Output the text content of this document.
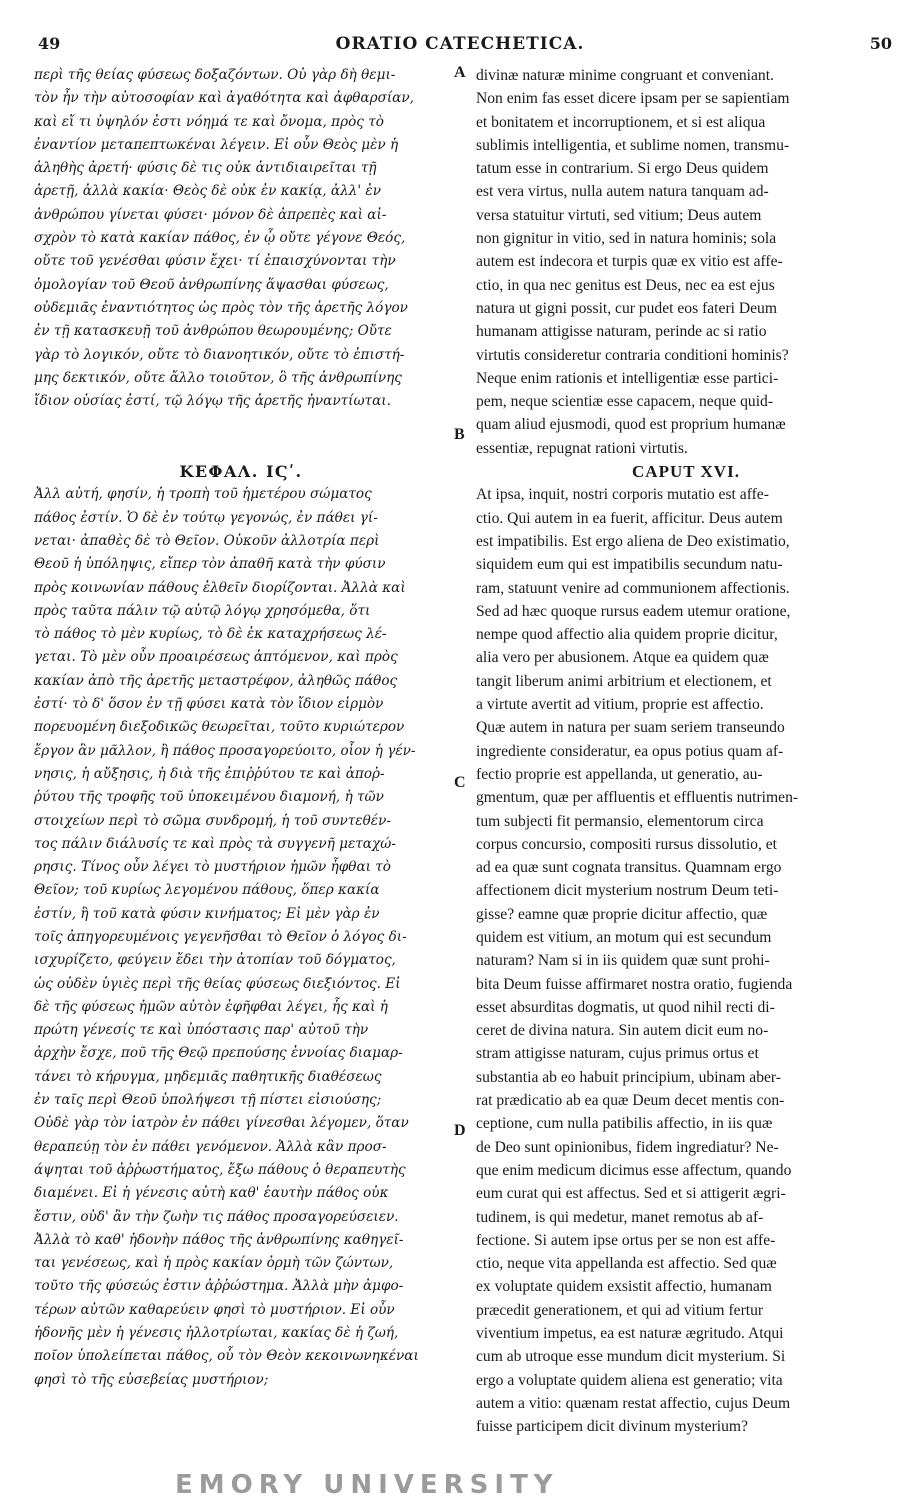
49	ORATIO CATECHETICA.	50
περὶ τῆς θείας φύσεως δοξαζόντων. Οὐ γὰρ δὴ θεμι-
τὸν ἦν τὴν αὐτοσοφίαν καὶ ἀγαθότητα καὶ ἀφθαρσίαν,
καὶ εἴ τι ὑψηλόν ἐστι νόημά τε καὶ ὄνομα, πρὸς τὸ
ἐναντίον μεταπεπτωκέναι λέγειν. Εἰ οὖν Θεὸς μὲν ἡ
ἀληθὴς ἀρετή· φύσις δὲ τις οὐκ ἀντιδιαιρεῖται τῇ
ἀρετῇ, ἀλλὰ κακία· Θεὸς δὲ οὐκ ἐν κακίᾳ, ἀλλ' ἐν
ἀνθρώπου γίνεται φύσει· μόνον δὲ ἀπρεπὲς καὶ αἰ-
σχρὸν τὸ κατὰ κακίαν πάθος, ἐν ᾧ οὔτε γέγονε Θεός,
οὔτε τοῦ γενέσθαι φύσιν ἔχει· τί ἐπαισχύνονται τὴν
ὁμολογίαν τοῦ Θεοῦ ἀνθρωπίνης ἅψασθαι φύσεως,
οὐδεμιᾶς ἐναντιότητος ὡς πρὸς τὸν τῆς ἀρετῆς λόγον
ἐν τῇ κατασκευῇ τοῦ ἀνθρώπου θεωρουμένης; Οὔτε
γὰρ τὸ λογικόν, οὔτε τὸ διανοητικόν, οὔτε τὸ ἐπιστή-
μης δεκτικόν, οὔτε ἄλλο τοιοῦτον, ὃ τῆς ἀνθρωπίνης
ἴδιον οὐσίας ἐστί, τῷ λόγῳ τῆς ἀρετῆς ἠναντίωται.
ΚΕΦΑΛ. ΙϚʹ.
Ἀλλ αὐτή, φησίν, ἡ τροπὴ τοῦ ἡμετέρου σώματος
πάθος ἐστίν. Ὁ δὲ ἐν τούτῳ γεγονώς, ἐν πάθει γί-
νεται· ἀπαθὲς δὲ τὸ Θεῖον. Οὐκοῦν ἀλλοτρία περὶ
Θεοῦ ἡ ὑπόληψις, εἴπερ τὸν ἀπαθῆ κατὰ τὴν φύσιν
πρὸς κοινωνίαν πάθους ἐλθεῖν διορίζονται. Ἀλλὰ καὶ
πρὸς ταῦτα πάλιν τῷ αὐτῷ λόγῳ χρησόμεθα, ὅτι
τὸ πάθος τὸ μὲν κυρίως, τὸ δὲ ἐκ καταχρήσεως λέ-
γεται. Τὸ μὲν οὖν προαιρέσεως ἁπτόμενον, καὶ πρὸς
κακίαν ἀπὸ τῆς ἀρετῆς μεταστρέφον, ἀληθῶς πάθος
ἐστί· τὸ δ' ὅσον ἐν τῇ φύσει κατὰ τὸν ἴδιον εἱρμὸν
πορευομένη διεξοδικῶς θεωρεῖται, τοῦτο κυριώτερον
ἔργον ἂν μᾶλλον, ἢ πάθος προσαγορεύοιτο, οἷον ἡ γέν-
νησις, ἡ αὔξησις, ἡ διὰ τῆς ἐπιῤῥύτου τε καὶ ἀποῤ-
ῥύτου τῆς τροφῆς τοῦ ὑποκειμένου διαμονή, ἡ τῶν
στοιχείων περὶ τὸ σῶμα συνδρομή, ἡ τοῦ συντεθέν-
τος πάλιν διάλυσίς τε καὶ πρὸς τὰ συγγενῆ μεταχώ-
ρησις. Τίνος οὖν λέγει τὸ μυστήριον ἡμῶν ἧφθαι τὸ
Θεῖον; τοῦ κυρίως λεγομένου πάθους, ὅπερ κακία
ἐστίν, ἢ τοῦ κατὰ φύσιν κινήματος; Εἰ μὲν γὰρ ἐν
τοῖς ἀπηγορευμένοις γεγενῆσθαι τὸ Θεῖον ὁ λόγος δι-
ισχυρίζετο, φεύγειν ἔδει τὴν ἀτοπίαν τοῦ δόγματος,
ὡς οὐδὲν ὑγιὲς περὶ τῆς θείας φύσεως διεξιόντος. Εἰ
δὲ τῆς φύσεως ἡμῶν αὐτὸν ἐφῆφθαι λέγει, ἧς καὶ ἡ
πρώτη γένεσίς τε καὶ ὑπόστασις παρ' αὐτοῦ τὴν
ἀρχὴν ἔσχε, ποῦ τῆς Θεῷ πρεπούσης ἐννοίας διαμαρ-
τάνει τὸ κήρυγμα, μηδεμιᾶς παθητικῆς διαθέσεως
ἐν ταῖς περὶ Θεοῦ ὑπολήψεσι τῇ πίστει εἰσιούσης;
Οὐδὲ γὰρ τὸν ἰατρὸν ἐν πάθει γίνεσθαι λέγομεν, ὅταν
θεραπεύῃ τὸν ἐν πάθει γενόμενον. Ἀλλὰ κἂν προσ-
άψηται τοῦ ἀῤῥωστήματος, ἔξω πάθους ὁ θεραπευτὴς
διαμένει. Εἰ ἡ γένεσις αὐτὴ καθ' ἑαυτὴν πάθος οὐκ
ἔστιν, οὐδ' ἂν τὴν ζωὴν τις πάθος προσαγορεύσειεν.
Ἀλλὰ τὸ καθ' ἡδονὴν πάθος τῆς ἀνθρωπίνης καθηγεῖ-
ται γενέσεως, καὶ ἡ πρὸς κακίαν ὁρμὴ τῶν ζώντων,
τοῦτο τῆς φύσεώς ἐστιν ἀῤῥώστημα. Ἀλλὰ μὴν ἀμφο-
τέρων αὐτῶν καθαρεύειν φησὶ τὸ μυστήριον. Εἰ οὖν
ἡδονῆς μὲν ἡ γένεσις ἠλλοτρίωται, κακίας δὲ ἡ ζωή,
ποῖον ὑπολείπεται πάθος, οὗ τὸν Θεὸν κεκοινωνηκέναι
φησὶ τὸ τῆς εὐσεβείας μυστήριον;
A
B
C
D
divinæ naturæ minime congruant et conveniant.
Non enim fas esset dicere ipsam per se sapientiam
et bonitatem et incorruptionem, et si est aliqua
sublimis intelligentia, et sublime nomen, transmu-
tatum esse in contrarium. Si ergo Deus quidem
est vera virtus, nulla autem natura tanquam ad-
versa statuitur virtuti, sed vitium; Deus autem
non gignitur in vitio, sed in natura hominis; sola
autem est indecora et turpis quæ ex vitio est affe-
ctio, in qua nec genitus est Deus, nec ea est ejus
natura ut gigni possit, cur pudet eos fateri Deum
humanam attigisse naturam, perinde ac si ratio
virtutis consideretur contraria conditioni hominis?
Neque enim rationis et intelligentiæ esse partici-
pem, neque scientiæ esse capacem, neque quid-
quam aliud ejusmodi, quod est proprium humanæ
essentiæ, repugnat rationi virtutis.
CAPUT XVI.
At ipsa, inquit, nostri corporis mutatio est affe-
ctio. Qui autem in ea fuerit, afficitur. Deus autem
est impatibilis. Est ergo aliena de Deo existimatio,
siquidem eum qui est impatibilis secundum natu-
ram, statuunt venire ad communionem affectionis.
Sed ad hæc quoque rursus eadem utemur oratione,
nempe quod affectio alia quidem proprie dicitur,
alia vero per abusionem. Atque ea quidem quæ
tangit liberum animi arbitrium et electionem, et
a virtute avertit ad vitium, proprie est affectio.
Quæ autem in natura per suam seriem transeundo
ingrediente consideratur, ea opus potius quam af-
fectio proprie est appellanda, ut generatio, au-
gmentum, quæ per affluentis et effluentis nutrimen-
tum subjecti fit permansio, elementorum circa
corpus concursio, compositi rursus dissolutio, et
ad ea quæ sunt cognata transitus. Quamnam ergo
affectionem dicit mysterium nostrum Deum teti-
gisse? eamne quæ proprie dicitur affectio, quæ
quidem est vitium, an motum qui est secundum
naturam? Nam si in iis quidem quæ sunt prohi-
bita Deum fuisse affirmaret nostra oratio, fugienda
esset absurditas dogmatis, ut quod nihil recti di-
ceret de divina natura. Sin autem dicit eum no-
stram attigisse naturam, cujus primus ortus et
substantia ab eo habuit principium, ubinam aber-
rat prædicatio ab ea quæ Deum decet mentis con-
ceptione, cum nulla patibilis affectio, in iis quæ
de Deo sunt opinionibus, fidem ingrediatur? Ne-
que enim medicum dicimus esse affectum, quando
eum curat qui est affectus. Sed et si attigerit ægri-
tudinem, is qui medetur, manet remotus ab af-
fectione. Si autem ipse ortus per se non est affe-
ctio, neque vita appellanda est affectio. Sed quæ
ex voluptate quidem exsistit affectio, humanam
præcedit generationem, et qui ad vitium fertur
viventium impetus, ea est naturæ ægritudo. Atqui
cum ab utroque esse mundum dicit mysterium. Si
ergo a voluptate quidem aliena est generatio; vita
autem a vitio: quænam restat affectio, cujus Deum
fuisse participem dicit divinum mysterium?
EMORY UNIVERSITY
